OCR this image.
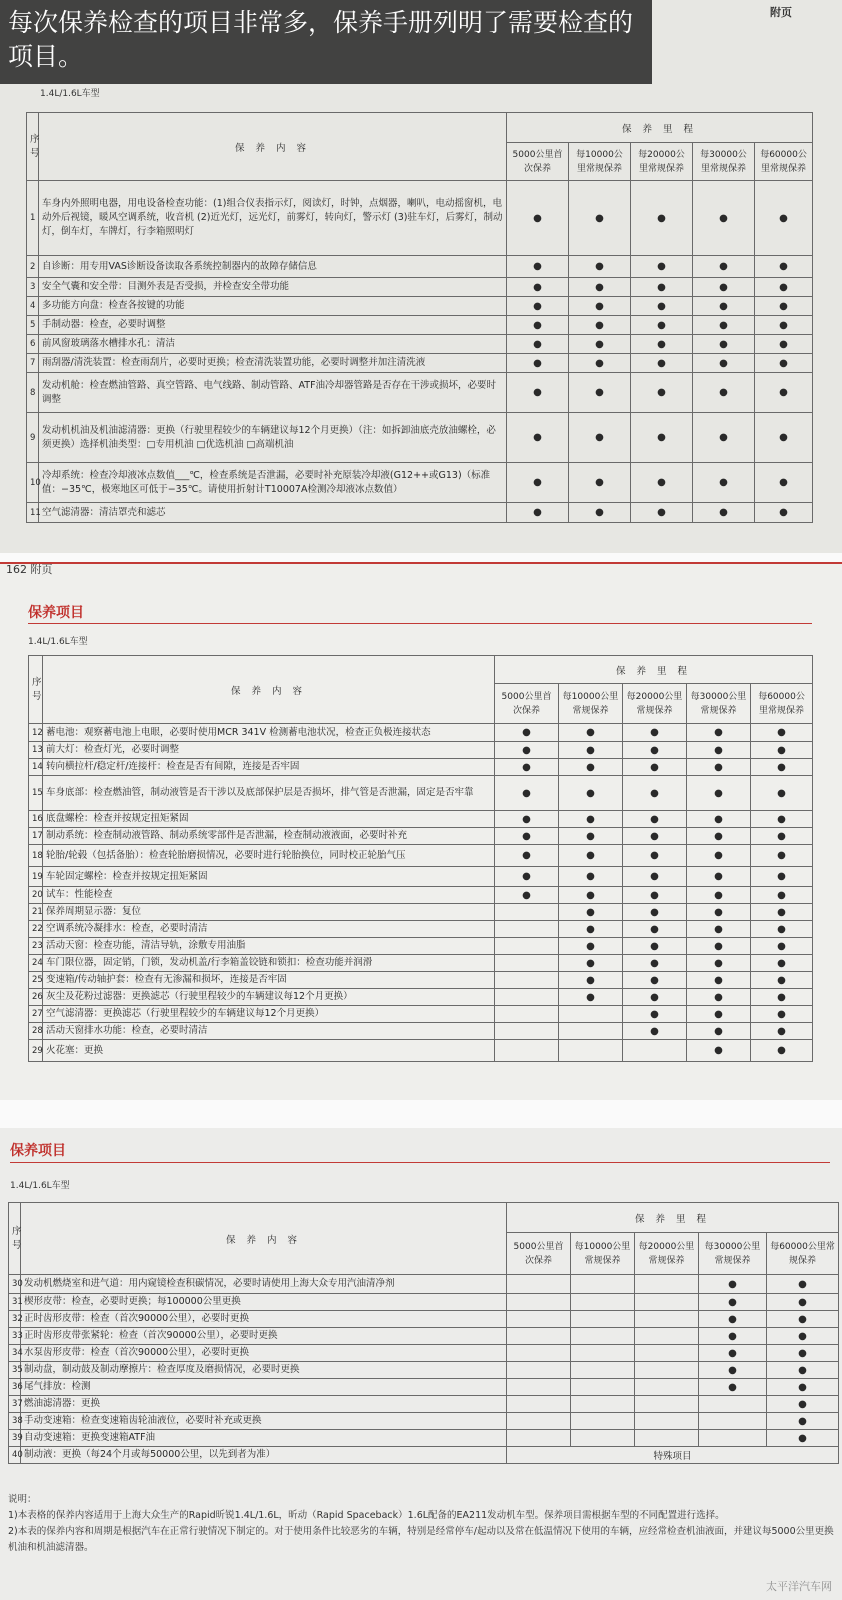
每次保养检查的项目非常多，保养手册列明了需要检查的项目。
附页
1.4L/1.6L车型
序号	保 养 内 容	保 养 里 程				
		5000公里首次保养	每10000公里常规保养	每20000公里常规保养	每30000公里常规保养	每60000公里常规保养
1	车身内外照明电器，用电设备检查功能：(1)组合仪表指示灯，阅读灯，时钟，点烟器，喇叭，电动摇窗机，电动外后视镜，暖风空调系统，收音机 (2)近光灯，远光灯，前雾灯，转向灯，警示灯 (3)驻车灯，后雾灯，制动灯，倒车灯，车牌灯，行李箱照明灯	●	●	●	●	●
2	自诊断：用专用VAS诊断设备读取各系统控制器内的故障存储信息	●	●	●	●	●
3	安全气囊和安全带：目测外表是否受损，并检查安全带功能	●	●	●	●	●
4	多功能方向盘：检查各按键的功能	●	●	●	●	●
5	手制动器：检查，必要时调整	●	●	●	●	●
6	前风窗玻璃落水槽排水孔：清洁	●	●	●	●	●
7	雨刮器/清洗装置：检查雨刮片，必要时更换；检查清洗装置功能，必要时调整并加注清洗液	●	●	●	●	●
8	发动机舱：检查燃油管路、真空管路、电气线路、制动管路、ATF油冷却器管路是否存在干涉或损坏，必要时调整	●	●	●	●	●
9	发动机机油及机油滤清器：更换（行驶里程较少的车辆建议每12个月更换）（注：如拆卸油底壳放油螺栓，必须更换）选择机油类型：□专用机油 □优选机油 □高端机油	●	●	●	●	●
10	冷却系统：检查冷却液冰点数值___℃，检查系统是否泄漏，必要时补充原装冷却液(G12++或G13)（标准值：−35℃，极寒地区可低于−35℃。请使用折射计T10007A检测冷却液冰点数值）	●	●	●	●	●
11	空气滤清器：清洁罩壳和滤芯	●	●	●	●	●
162 附页
保养项目
1.4L/1.6L车型
序号	保 养 内 容	保 养 里 程				
		5000公里首次保养	每10000公里常规保养	每20000公里常规保养	每30000公里常规保养	每60000公里常规保养
12	蓄电池：观察蓄电池上电眼，必要时使用MCR 341V 检测蓄电池状况，检查正负极连接状态	●	●	●	●	●
13	前大灯：检查灯光，必要时调整	●	●	●	●	●
14	转向横拉杆/稳定杆/连接杆：检查是否有间隙，连接是否牢固	●	●	●	●	●
15	车身底部：检查燃油管，制动液管是否干涉以及底部保护层是否损坏，排气管是否泄漏，固定是否牢靠	●	●	●	●	●
16	底盘螺栓：检查并按规定扭矩紧固	●	●	●	●	●
17	制动系统：检查制动液管路、制动系统零部件是否泄漏，检查制动液液面，必要时补充	●	●	●	●	●
18	轮胎/轮毂（包括备胎）：检查轮胎磨损情况，必要时进行轮胎换位，同时校正轮胎气压	●	●	●	●	●
19	车轮固定螺栓：检查并按规定扭矩紧固	●	●	●	●	●
20	试车：性能检查	●	●	●	●	●
21	保养周期显示器：复位		●	●	●	●
22	空调系统冷凝排水：检查，必要时清洁		●	●	●	●
23	活动天窗：检查功能，清洁导轨，涂敷专用油脂		●	●	●	●
24	车门限位器，固定销，门锁，发动机盖/行李箱盖铰链和锁扣：检查功能并润滑		●	●	●	●
25	变速箱/传动轴护套：检查有无渗漏和损坏，连接是否牢固		●	●	●	●
26	灰尘及花粉过滤器：更换滤芯（行驶里程较少的车辆建议每12个月更换）		●	●	●	●
27	空气滤清器：更换滤芯（行驶里程较少的车辆建议每12个月更换）			●	●	●
28	活动天窗排水功能：检查，必要时清洁			●	●	●
29	火花塞：更换				●	●
保养项目
1.4L/1.6L车型
序号	保 养 内 容	保 养 里 程				
		5000公里首次保养	每10000公里常规保养	每20000公里常规保养	每30000公里常规保养	每60000公里常规保养
30	发动机燃烧室和进气道：用内窥镜检查积碳情况，必要时请使用上海大众专用汽油清净剂				●	●
31	楔形皮带：检查，必要时更换；每100000公里更换				●	●
32	正时齿形皮带：检查（首次90000公里），必要时更换				●	●
33	正时齿形皮带张紧轮：检查（首次90000公里），必要时更换				●	●
34	水泵齿形皮带：检查（首次90000公里），必要时更换				●	●
35	制动盘，制动鼓及制动摩擦片：检查厚度及磨损情况，必要时更换				●	●
36	尾气排放：检测				●	●
37	燃油滤清器：更换					●
38	手动变速箱：检查变速箱齿轮油液位，必要时补充或更换					●
39	自动变速箱：更换变速箱ATF油					●
40	制动液：更换（每24个月或每50000公里，以先到者为准）	特殊项目				
说明：
1)本表格的保养内容适用于上海大众生产的Rapid昕锐1.4L/1.6L，昕动（Rapid Spaceback）1.6L配备的EA211发动机车型。保养项目需根据车型的不同配置进行选择。
2)本表的保养内容和周期是根据汽车在正常行驶情况下制定的。对于使用条件比较恶劣的车辆，特别是经常停车/起动以及常在低温情况下使用的车辆，应经常检查机油液面，并建议每5000公里更换机油和机油滤清器。
太平洋汽车网
